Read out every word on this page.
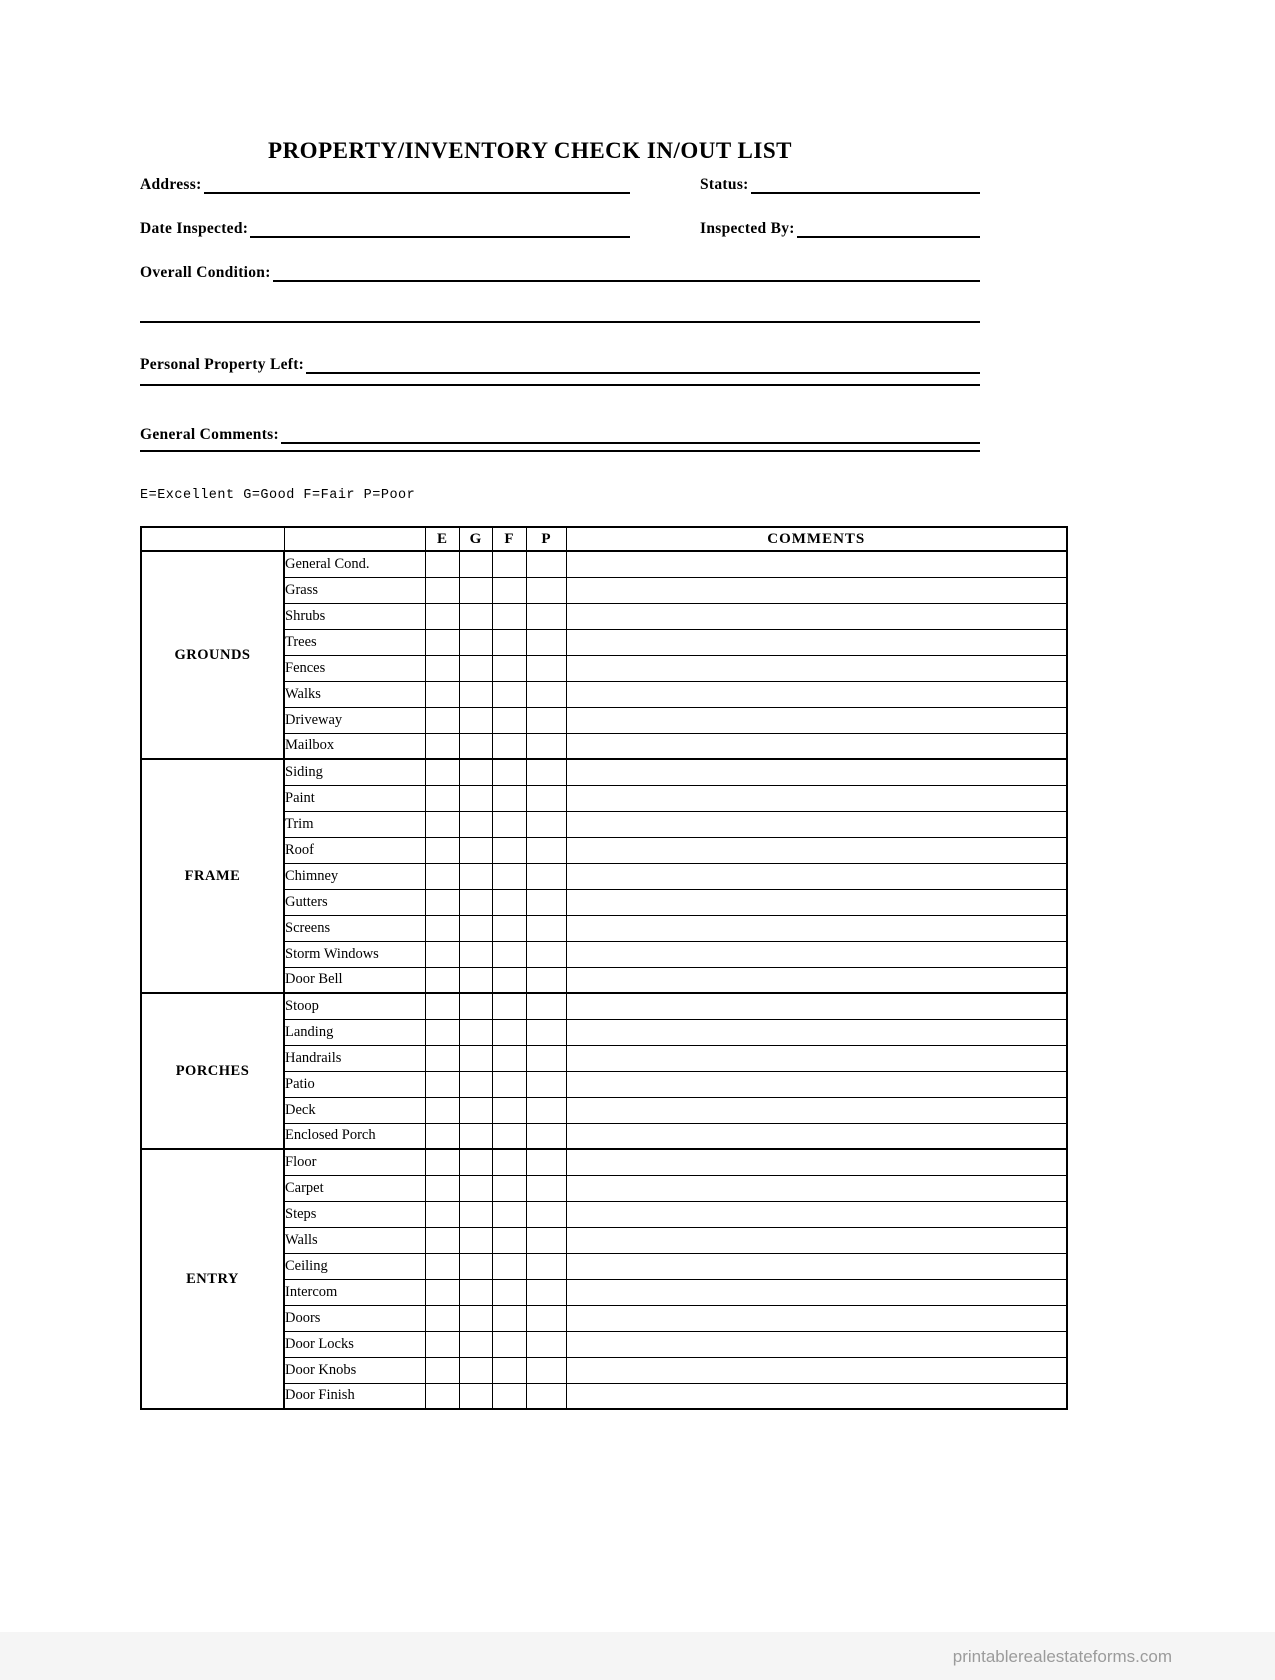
PROPERTY/INVENTORY CHECK IN/OUT LIST
Address:	Status:
Date Inspected:	Inspected By:
Overall Condition:
Personal Property Left:
General Comments:
E=Excellent G=Good F=Fair P=Poor
		E	G	F	P	COMMENTS
GROUNDS	General Cond.					
	Grass					
	Shrubs					
	Trees					
	Fences					
	Walks					
	Driveway					
	Mailbox					
FRAME	Siding					
	Paint					
	Trim					
	Roof					
	Chimney					
	Gutters					
	Screens					
	Storm Windows					
	Door Bell					
PORCHES	Stoop					
	Landing					
	Handrails					
	Patio					
	Deck					
	Enclosed Porch					
ENTRY	Floor					
	Carpet					
	Steps					
	Walls					
	Ceiling					
	Intercom					
	Doors					
	Door Locks					
	Door Knobs					
	Door Finish					
printablerealestateforms.com
